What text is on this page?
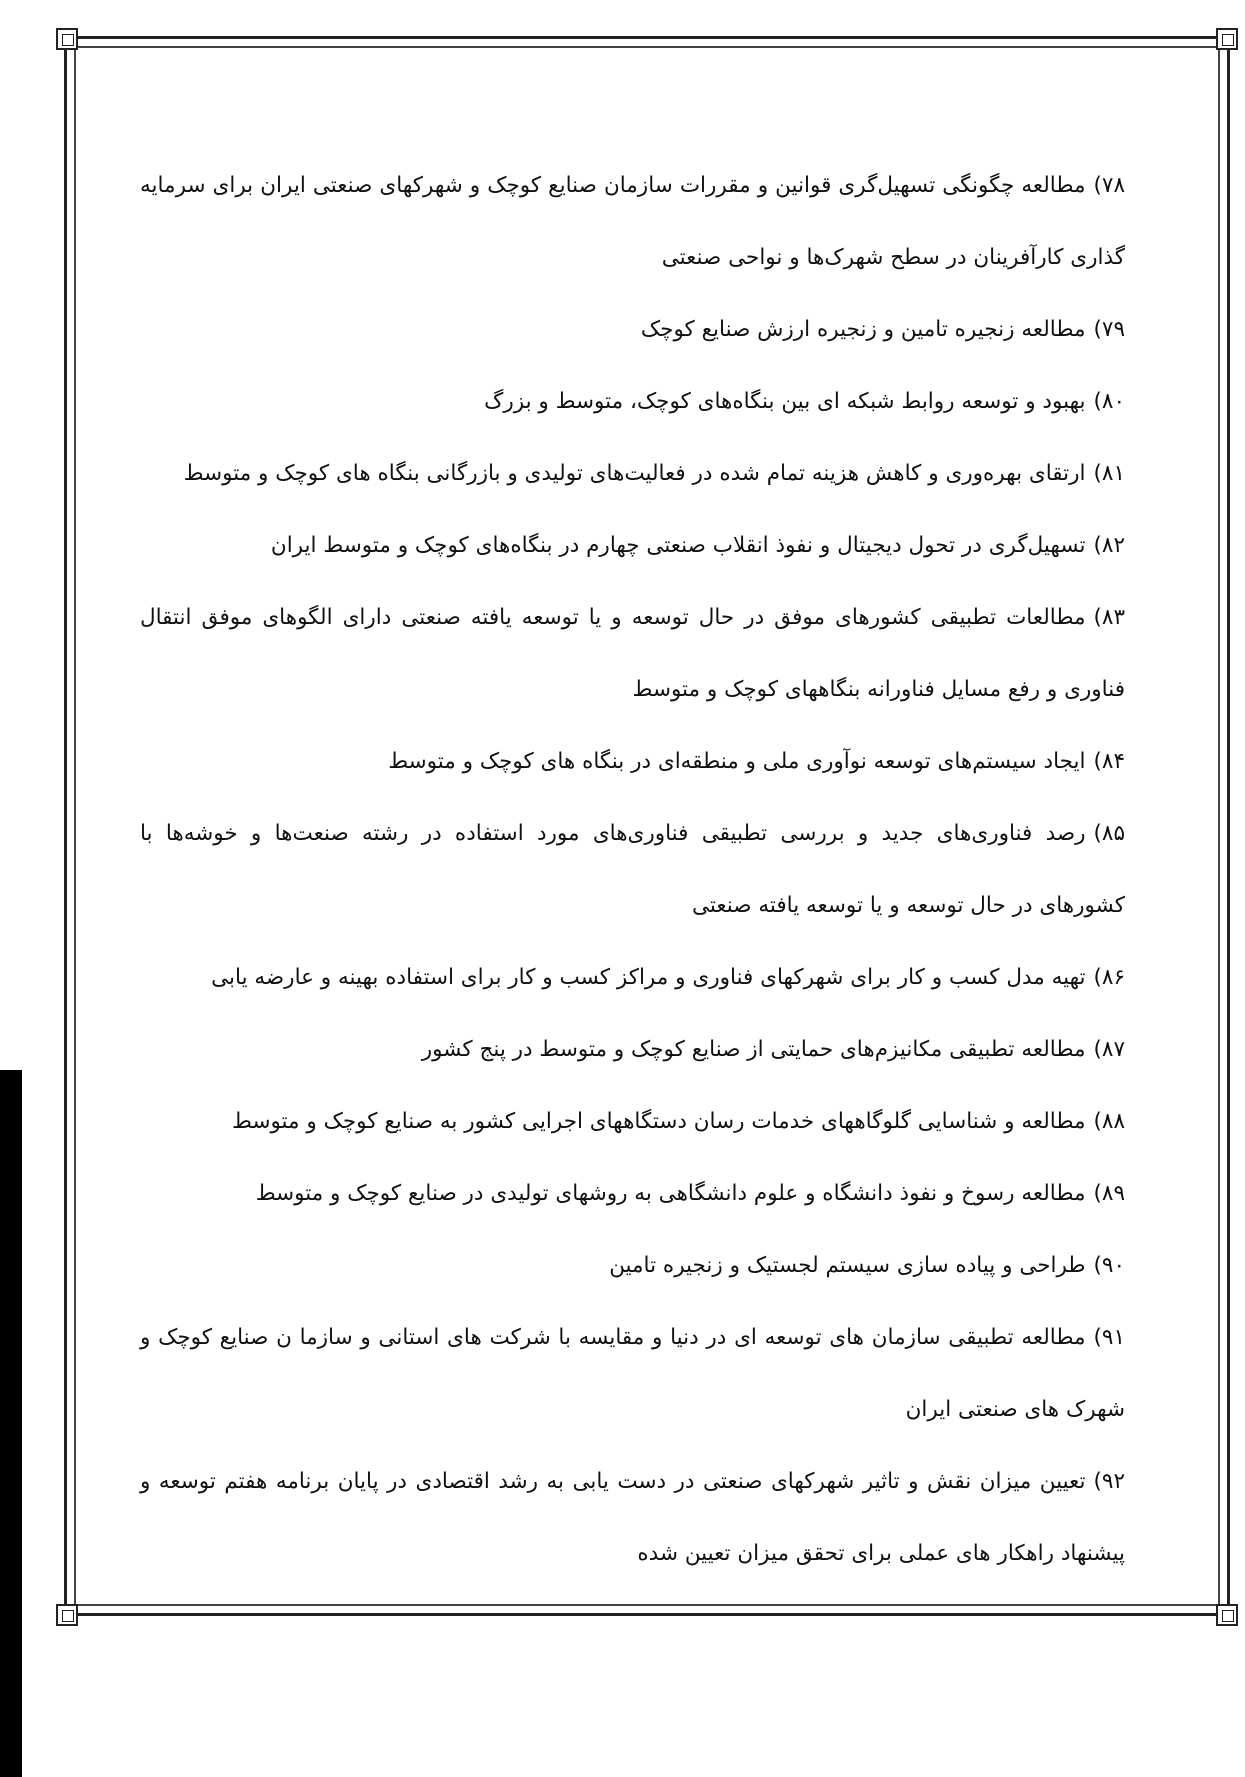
۷۸)مطالعه چگونگی تسهیل‌گری قوانین و مقررات سازمان صنایع کوچک و شهرکهای صنعتی ایران برای سرمایه گذاری کارآفرینان در سطح شهرک‌ها و نواحی صنعتی

۷۹)مطالعه زنجیره تامین و زنجیره ارزش صنایع کوچک

۸۰)بهبود و توسعه روابط شبکه ای بین بنگاه‌های کوچک، متوسط و بزرگ

۸۱)ارتقای بهره‌وری و کاهش هزینه تمام شده در فعالیت‌های تولیدی و بازرگانی بنگاه های کوچک و متوسط

۸۲)تسهیل‌گری در تحول دیجیتال و نفوذ انقلاب صنعتی چهارم در بنگاه‌های کوچک و متوسط ایران

۸۳)مطالعات تطبیقی کشورهای موفق در حال توسعه و یا توسعه یافته صنعتی دارای الگوهای موفق انتقال فناوری و رفع مسایل فناورانه بنگاههای کوچک و متوسط

۸۴)ایجاد سیستم‌های توسعه نوآوری ملی و منطقه‌ای در بنگاه های کوچک و متوسط

۸۵)رصد فناوری‌های جدید و بررسی تطبیقی فناوری‌های مورد استفاده در رشته صنعت‌ها و خوشه‌ها با کشورهای در حال توسعه و یا توسعه یافته صنعتی

۸۶)تهیه مدل کسب و کار برای شهرکهای فناوری و مراکز کسب و کار برای استفاده بهینه و عارضه یابی

۸۷)مطالعه تطبیقی مکانیزم‌های حمایتی از صنایع کوچک و متوسط در پنج کشور

۸۸)مطالعه و شناسایی گلوگاههای خدمات رسان دستگاههای اجرایی کشور به صنایع کوچک و متوسط

۸۹)مطالعه رسوخ و نفوذ دانشگاه و علوم دانشگاهی به روشهای تولیدی در صنایع کوچک و متوسط

۹۰)طراحی و پیاده سازی سیستم لجستیک و زنجیره تامین

۹۱)مطالعه تطبیقی سازمان های توسعه ای در دنیا و مقایسه با شرکت های استانی و سازما ن صنایع کوچک و شهرک های صنعتی ایران

۹۲)تعیین میزان نقش و تاثیر شهرکهای صنعتی در دست یابی به رشد اقتصادی در پایان برنامه هفتم توسعه و پیشنهاد راهکار های عملی برای تحقق میزان تعیین شده
